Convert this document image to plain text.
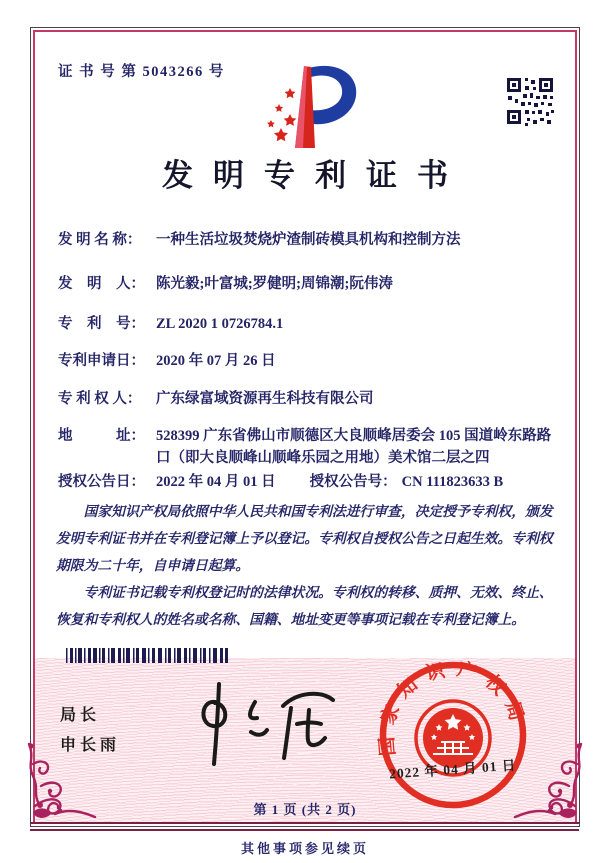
证 书 号 第 5043266 号
发明专利证书
发 明 名 称：	一种生活垃圾焚烧炉渣制砖模具机构和控制方法
发　明　人： 陈光毅;叶富城;罗健明;周锦潮;阮伟涛
专　利　号： ZL 2020 1 0726784.1
专利申请日： 2020 年 07 月 26 日
专 利 权 人：	广东绿富域资源再生科技有限公司
地　　　址： 528399 广东省佛山市顺德区大良顺峰居委会 105 国道岭东路路口（即大良顺峰山顺峰乐园之用地）美术馆二层之四
授权公告日： 2022 年 04 月 01 日 授权公告号： CN 111823633 B

国家知识产权局依照中华人民共和国专利法进行审查，决定授予专利权，颁发发明专利证书并在专利登记簿上予以登记。专利权自授权公告之日起生效。专利权期限为二十年，自申请日起算。

专利证书记载专利权登记时的法律状况。专利权的转移、质押、无效、终止、恢复和专利权人的姓名或名称、国籍、地址变更等事项记载在专利登记簿上。

局长
申长雨	国家知识产权局
2022 年 04 月 01 日
第 1 页 (共 2 页)
其他事项参见续页
